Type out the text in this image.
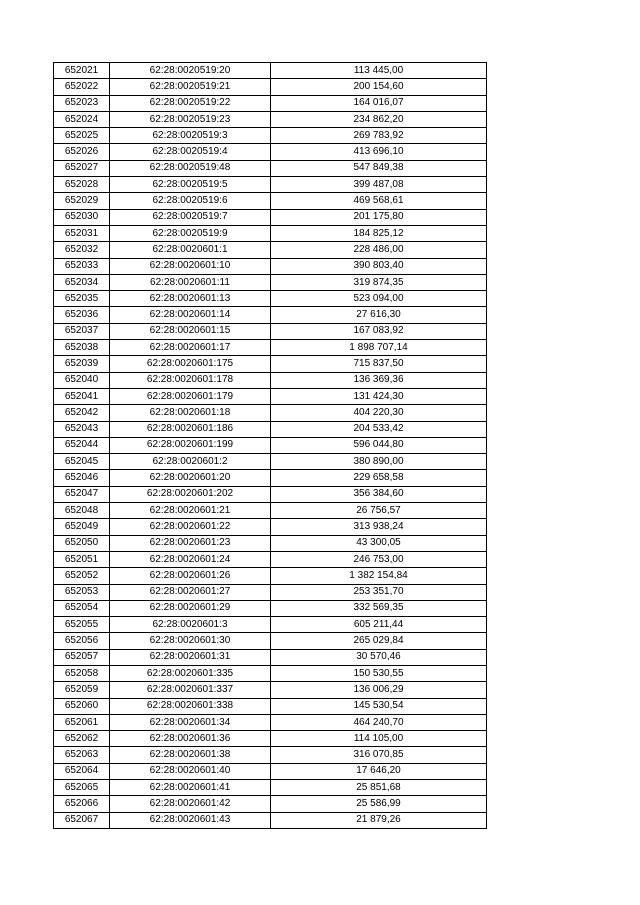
652021	62:28:0020519:20	113 445,00
652022	62:28:0020519:21	200 154,60
652023	62:28:0020519:22	164 016,07
652024	62:28:0020519:23	234 862,20
652025	62:28:0020519:3	269 783,92
652026	62:28:0020519:4	413 696,10
652027	62:28:0020519:48	547 849,38
652028	62:28:0020519:5	399 487,08
652029	62:28:0020519:6	469 568,61
652030	62:28:0020519:7	201 175,80
652031	62:28:0020519:9	184 825,12
652032	62:28:0020601:1	228 486,00
652033	62:28:0020601:10	390 803,40
652034	62:28:0020601:11	319 874,35
652035	62:28:0020601:13	523 094,00
652036	62:28:0020601:14	27 616,30
652037	62:28:0020601:15	167 083,92
652038	62:28:0020601:17	1 898 707,14
652039	62:28:0020601:175	715 837,50
652040	62:28:0020601:178	136 369,36
652041	62:28:0020601:179	131 424,30
652042	62:28:0020601:18	404 220,30
652043	62:28:0020601:186	204 533,42
652044	62:28:0020601:199	596 044,80
652045	62:28:0020601:2	380 890,00
652046	62:28:0020601:20	229 658,58
652047	62:28:0020601:202	356 384,60
652048	62:28:0020601:21	26 756,57
652049	62:28:0020601:22	313 938,24
652050	62:28:0020601:23	43 300,05
652051	62:28:0020601:24	246 753,00
652052	62:28:0020601:26	1 382 154,84
652053	62:28:0020601:27	253 351,70
652054	62:28:0020601:29	332 569,35
652055	62:28:0020601:3	605 211,44
652056	62:28:0020601:30	265 029,84
652057	62:28:0020601:31	30 570,46
652058	62:28:0020601:335	150 530,55
652059	62:28:0020601:337	136 006,29
652060	62:28:0020601:338	145 530,54
652061	62:28:0020601:34	464 240,70
652062	62:28:0020601:36	114 105,00
652063	62:28:0020601:38	316 070,85
652064	62:28:0020601:40	17 646,20
652065	62:28:0020601:41	25 851,68
652066	62:28:0020601:42	25 586,99
652067	62:28:0020601:43	21 879,26
